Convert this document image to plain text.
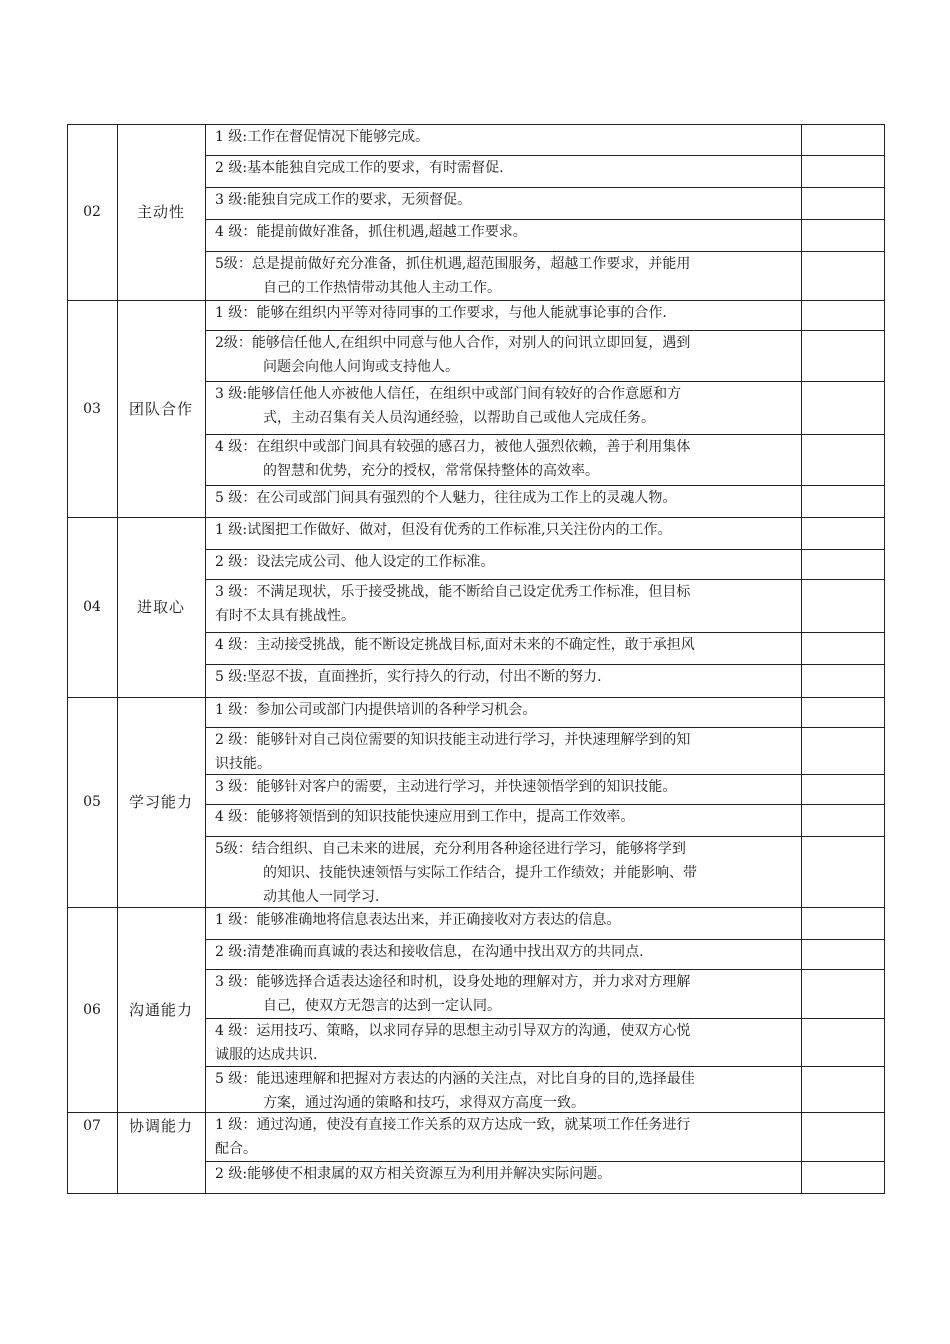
02	主动性
1 级:工作在督促情况下能够完成。
2 级:基本能独自完成工作的要求，有时需督促.
3 级:能独自完成工作的要求，无须督促。
4 级：能提前做好准备，抓住机遇,超越工作要求。
5级：总是提前做好充分准备，抓住机遇,超范围服务，超越工作要求，并能用
自己的工作热情带动其他人主动工作。
03	团队合作
1 级：能够在组织内平等对待同事的工作要求，与他人能就事论事的合作.
2级：能够信任他人,在组织中同意与他人合作，对别人的问讯立即回复，遇到
问题会向他人问询或支持他人。
3 级:能够信任他人亦被他人信任，在组织中或部门间有较好的合作意愿和方
式，主动召集有关人员沟通经验，以帮助自己或他人完成任务。
4 级：在组织中或部门间具有较强的感召力，被他人强烈依赖，善于利用集体
的智慧和优势，充分的授权，常常保持整体的高效率。
5 级：在公司或部门间具有强烈的个人魅力，往往成为工作上的灵魂人物。
04	进取心
1 级:试图把工作做好、做对，但没有优秀的工作标准,只关注份内的工作。
2 级：设法完成公司、他人设定的工作标准。
3 级：不满足现状，乐于接受挑战，能不断给自己设定优秀工作标准，但目标
有时不太具有挑战性。
4 级：主动接受挑战，能不断设定挑战目标,面对未来的不确定性，敢于承担风
5 级:坚忍不拔，直面挫折，实行持久的行动，付出不断的努力.
05	学习能力
1 级：参加公司或部门内提供培训的各种学习机会。
2 级：能够针对自己岗位需要的知识技能主动进行学习，并快速理解学到的知
识技能。
3 级：能够针对客户的需要，主动进行学习，并快速领悟学到的知识技能。
4 级：能够将领悟到的知识技能快速应用到工作中，提高工作效率。
5级：结合组织、自己未来的进展，充分利用各种途径进行学习，能够将学到
的知识、技能快速领悟与实际工作结合，提升工作绩效；并能影响、带
动其他人一同学习.
06	沟通能力
1 级：能够准确地将信息表达出来，并正确接收对方表达的信息。
2 级:清楚准确而真诚的表达和接收信息，在沟通中找出双方的共同点.
3 级：能够选择合适表达途径和时机，设身处地的理解对方，并力求对方理解
自己，使双方无怨言的达到一定认同。
4 级：运用技巧、策略，以求同存异的思想主动引导双方的沟通，使双方心悦
诚服的达成共识.
5 级：能迅速理解和把握对方表达的内涵的关注点，对比自身的目的,选择最佳
方案，通过沟通的策略和技巧，求得双方高度一致。
07	协调能力	1 级：通过沟通，使没有直接工作关系的双方达成一致，就某项工作任务进行
配合。
2 级:能够使不相隶属的双方相关资源互为利用并解决实际问题。
